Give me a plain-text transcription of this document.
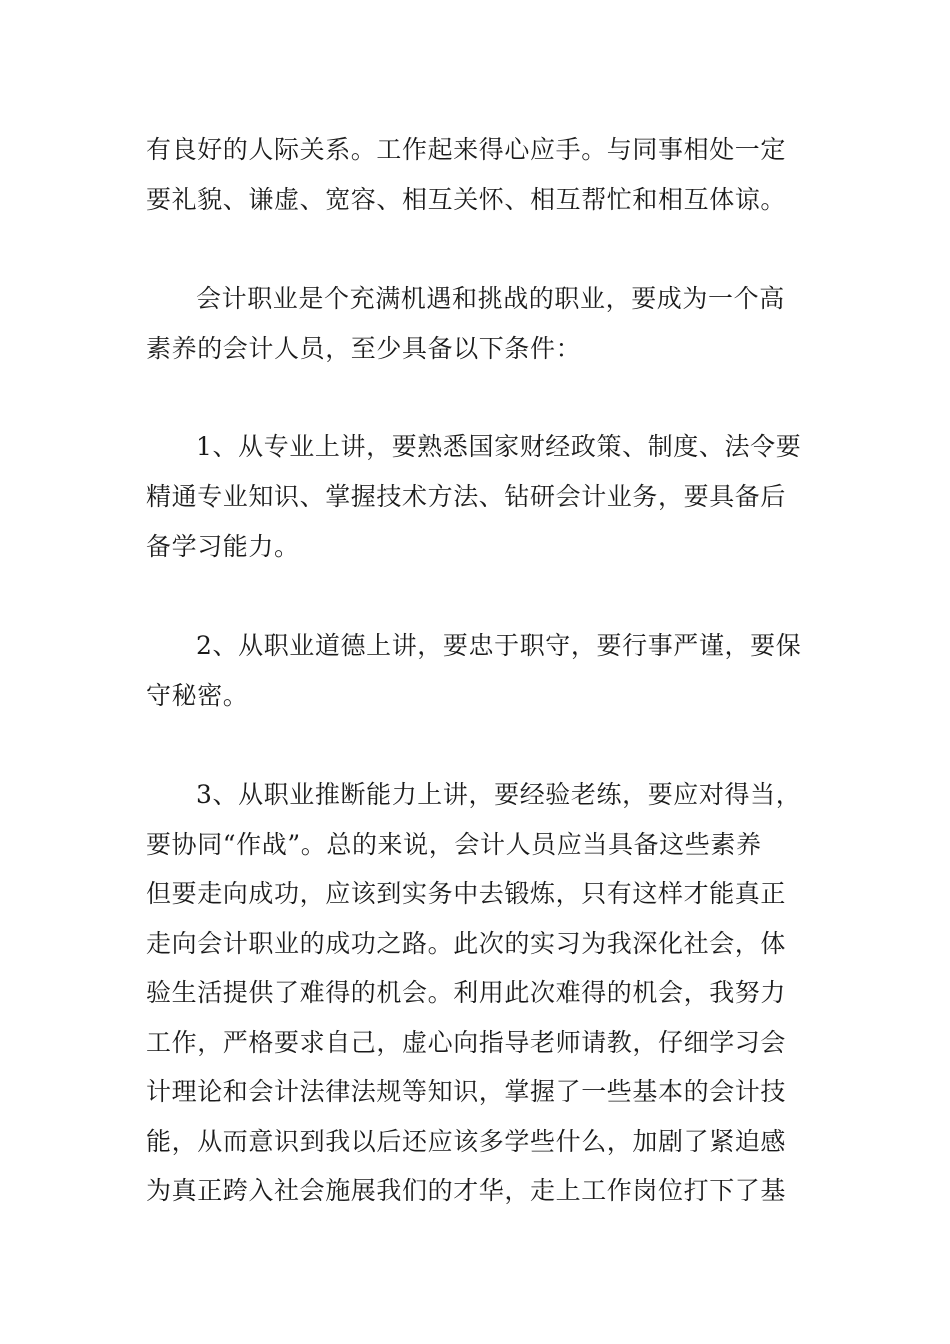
有良好的人际关系。工作起来得心应手。与同事相处一定
要礼貌、谦虚、宽容、相互关怀、相互帮忙和相互体谅。
会计职业是个充满机遇和挑战的职业，要成为一个高
素养的会计人员，至少具备以下条件：
1、从专业上讲，要熟悉国家财经政策、制度、法令要
精通专业知识、掌握技术方法、钻研会计业务，要具备后
备学习能力。
2、从职业道德上讲，要忠于职守，要行事严谨，要保
守秘密。
3、从职业推断能力上讲，要经验老练，要应对得当，
要协同“作战”。总的来说，会计人员应当具备这些素养
但要走向成功，应该到实务中去锻炼，只有这样才能真正
走向会计职业的成功之路。此次的实习为我深化社会，体
验生活提供了难得的机会。利用此次难得的机会，我努力
工作，严格要求自己，虚心向指导老师请教，仔细学习会
计理论和会计法律法规等知识，掌握了一些基本的会计技
能，从而意识到我以后还应该多学些什么，加剧了紧迫感
为真正跨入社会施展我们的才华，走上工作岗位打下了基
